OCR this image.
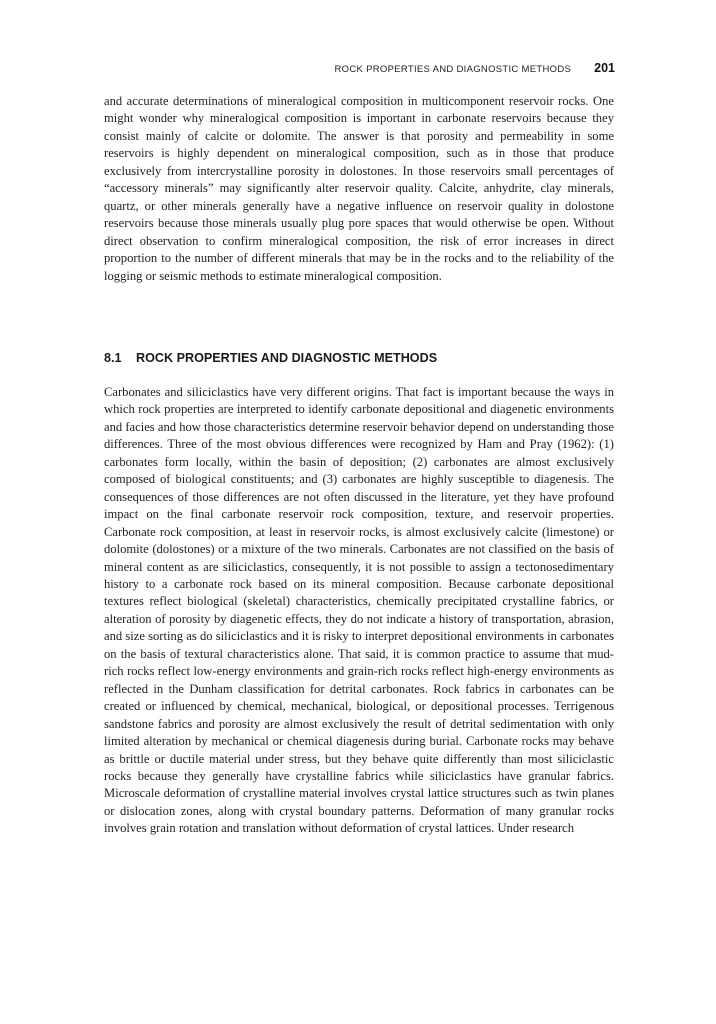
ROCK PROPERTIES AND DIAGNOSTIC METHODS 201

and accurate determinations of mineralogical composition in multicomponent reservoir rocks. One might wonder why mineralogical composition is important in carbonate reservoirs because they consist mainly of calcite or dolomite. The answer is that porosity and permeability in some reservoirs is highly dependent on mineralogical composition, such as in those that produce exclusively from intercrystalline porosity in dolostones. In those reservoirs small percentages of “accessory minerals” may significantly alter reservoir quality. Calcite, anhydrite, clay minerals, quartz, or other minerals generally have a negative influence on reservoir quality in dolostone reservoirs because those minerals usually plug pore spaces that would otherwise be open. Without direct observation to confirm mineralogical composition, the risk of error increases in direct proportion to the number of different minerals that may be in the rocks and to the reliability of the logging or seismic methods to estimate mineralogical composition.

8.1	ROCK PROPERTIES AND DIAGNOSTIC METHODS

Carbonates and siliciclastics have very different origins. That fact is important because the ways in which rock properties are interpreted to identify carbonate depositional and diagenetic environments and facies and how those characteristics determine reservoir behavior depend on understanding those differences. Three of the most obvious differences were recognized by Ham and Pray (1962): (1) carbonates form locally, within the basin of deposition; (2) carbonates are almost exclusively composed of biological constituents; and (3) carbonates are highly susceptible to diagenesis. The consequences of those differences are not often discussed in the literature, yet they have profound impact on the final carbonate reservoir rock composition, texture, and reservoir properties. Carbonate rock composition, at least in reservoir rocks, is almost exclusively calcite (limestone) or dolomite (dolostones) or a mixture of the two minerals. Carbonates are not classified on the basis of mineral content as are siliciclastics, consequently, it is not possible to assign a tectonosedimentary history to a carbonate rock based on its mineral composition. Because carbonate depositional textures reflect biological (skeletal) characteristics, chemically precipitated crystalline fabrics, or alteration of porosity by diagenetic effects, they do not indicate a history of transportation, abrasion, and size sorting as do siliciclastics and it is risky to interpret depositional environments in carbonates on the basis of textural characteristics alone. That said, it is common practice to assume that mud-rich rocks reflect low-energy environments and grain-rich rocks reflect high-energy environments as reflected in the Dunham classification for detrital carbonates. Rock fabrics in carbonates can be created or influenced by chemical, mechanical, biological, or depositional processes. Terrigenous sandstone fabrics and porosity are almost exclusively the result of detrital sedimentation with only limited alteration by mechanical or chemical diagenesis during burial. Carbonate rocks may behave as brittle or ductile material under stress, but they behave quite differently than most siliciclastic rocks because they generally have crystalline fabrics while siliciclastics have granular fabrics. Microscale deformation of crystalline material involves crystal lattice structures such as twin planes or dislocation zones, along with crystal boundary patterns. Deformation of many granular rocks involves grain rotation and translation without deformation of crystal lattices. Under research
